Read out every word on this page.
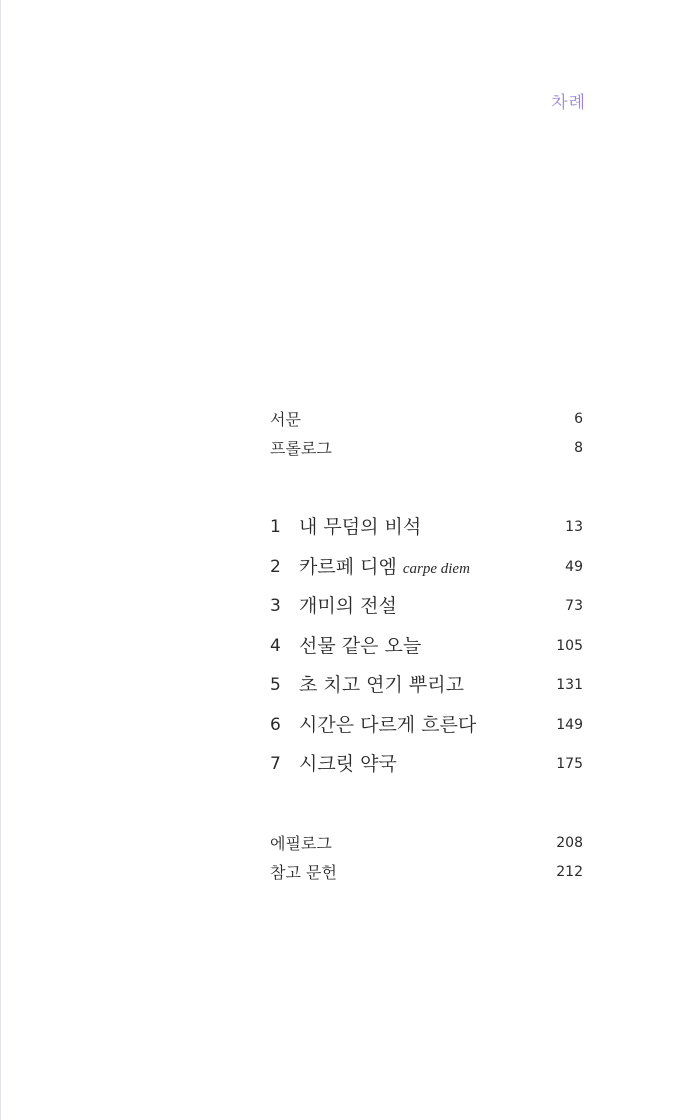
차례
서문	6
프롤로그	8
1 내 무덤의 비석	13
2 카르페 디엠 carpe diem	49
3 개미의 전설	73
4 선물 같은 오늘	105
5 초 치고 연기 뿌리고	131
6 시간은 다르게 흐른다	149
7 시크릿 약국	175
에필로그	208
참고 문헌	212
